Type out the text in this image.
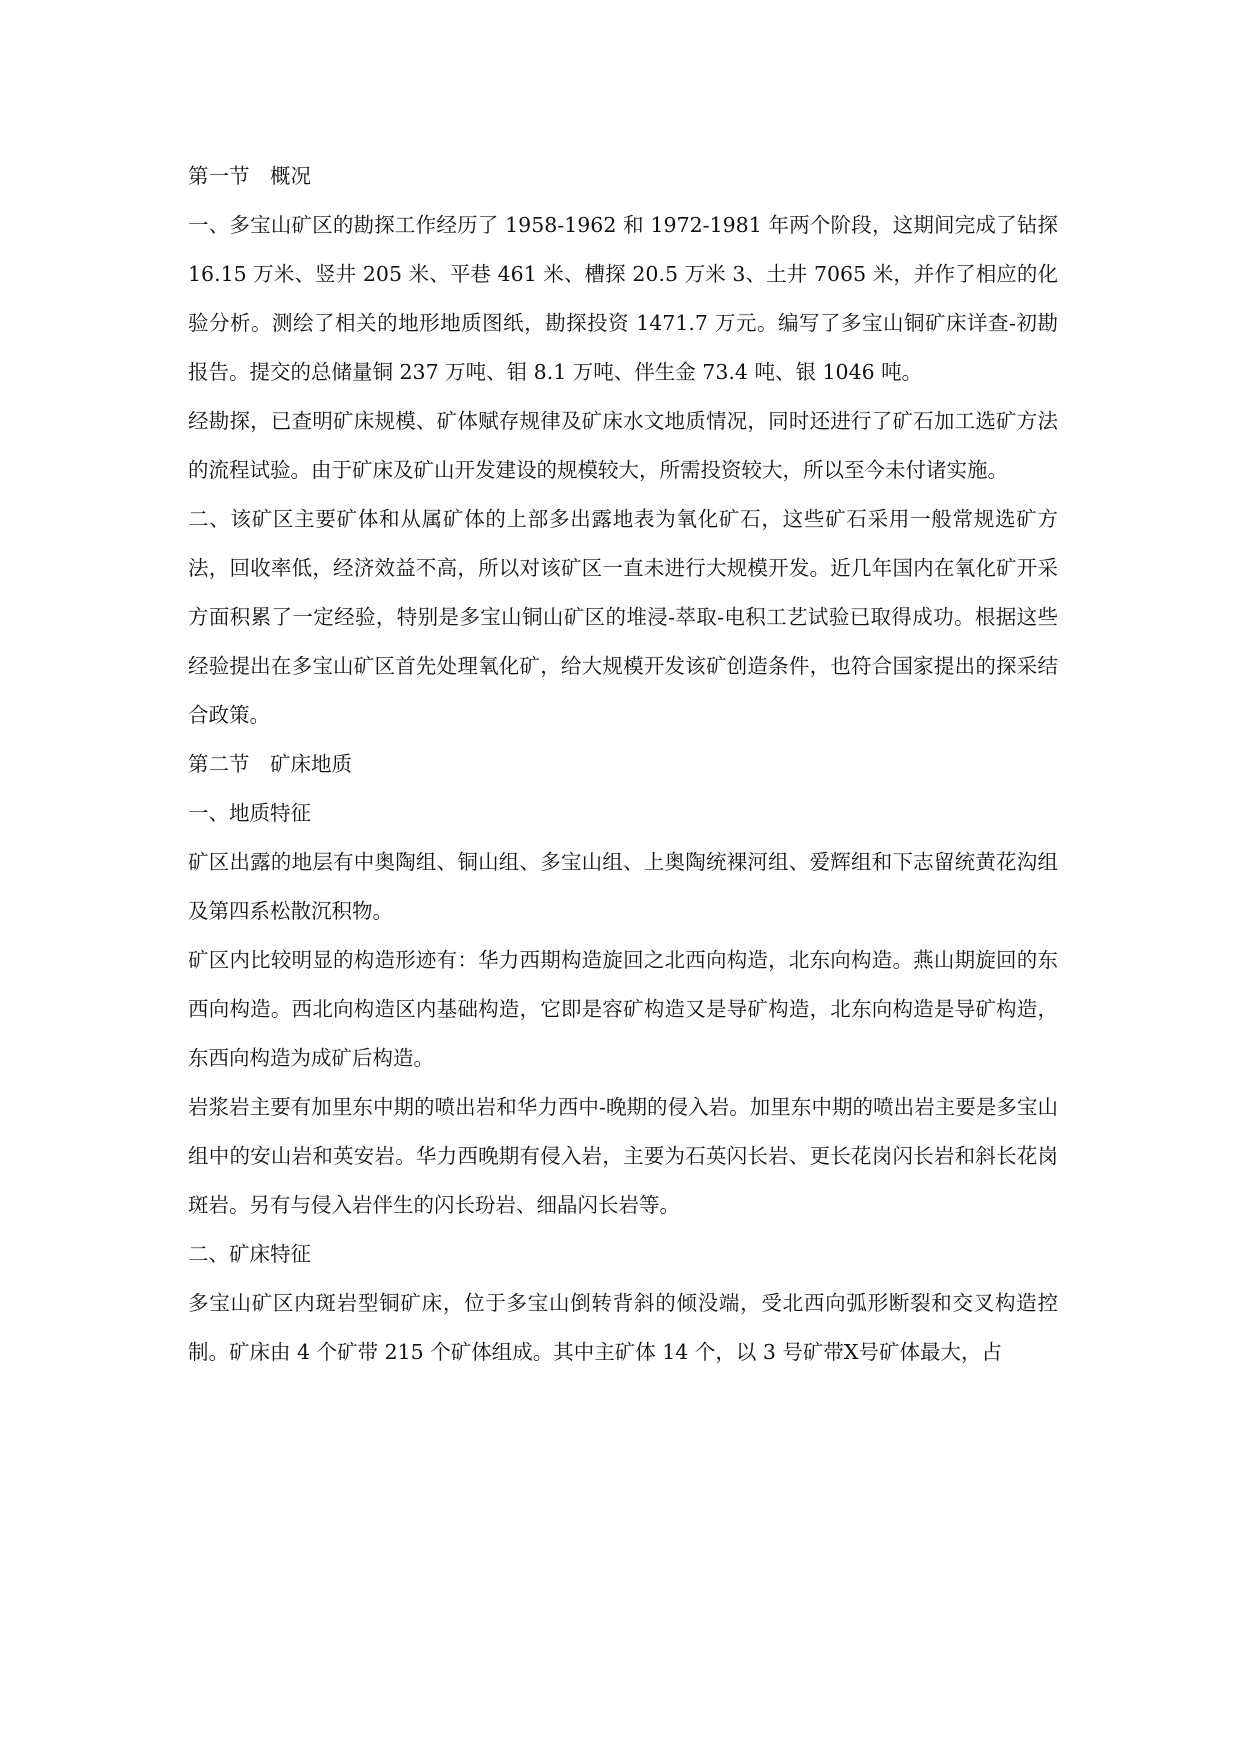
第一节　概况

一、多宝山矿区的勘探工作经历了 1958-1962 和 1972-1981 年两个阶段，这期间完成了钻探 16.15 万米、竖井 205 米、平巷 461 米、槽探 20.5 万米 3、土井 7065 米，并作了相应的化验分析。测绘了相关的地形地质图纸，勘探投资 1471.7 万元。编写了多宝山铜矿床详查-初勘报告。提交的总储量铜 237 万吨、钼 8.1 万吨、伴生金 73.4 吨、银 1046 吨。

经勘探，已查明矿床规模、矿体赋存规律及矿床水文地质情况，同时还进行了矿石加工选矿方法的流程试验。由于矿床及矿山开发建设的规模较大，所需投资较大，所以至今未付诸实施。

二、该矿区主要矿体和从属矿体的上部多出露地表为氧化矿石，这些矿石采用一般常规选矿方法，回收率低，经济效益不高，所以对该矿区一直未进行大规模开发。近几年国内在氧化矿开采方面积累了一定经验，特别是多宝山铜山矿区的堆浸-萃取-电积工艺试验已取得成功。根据这些经验提出在多宝山矿区首先处理氧化矿，给大规模开发该矿创造条件，也符合国家提出的探采结合政策。

第二节　矿床地质

一、地质特征

矿区出露的地层有中奥陶组、铜山组、多宝山组、上奥陶统裸河组、爱辉组和下志留统黄花沟组及第四系松散沉积物。

矿区内比较明显的构造形迹有：华力西期构造旋回之北西向构造，北东向构造。燕山期旋回的东西向构造。西北向构造区内基础构造，它即是容矿构造又是导矿构造，北东向构造是导矿构造，东西向构造为成矿后构造。

岩浆岩主要有加里东中期的喷出岩和华力西中-晚期的侵入岩。加里东中期的喷出岩主要是多宝山组中的安山岩和英安岩。华力西晚期有侵入岩，主要为石英闪长岩、更长花岗闪长岩和斜长花岗斑岩。另有与侵入岩伴生的闪长玢岩、细晶闪长岩等。

二、矿床特征

多宝山矿区内斑岩型铜矿床，位于多宝山倒转背斜的倾没端，受北西向弧形断裂和交叉构造控制。矿床由 4 个矿带 215 个矿体组成。其中主矿体 14 个，以 3 号矿带Ⅹ号矿体最大，占
